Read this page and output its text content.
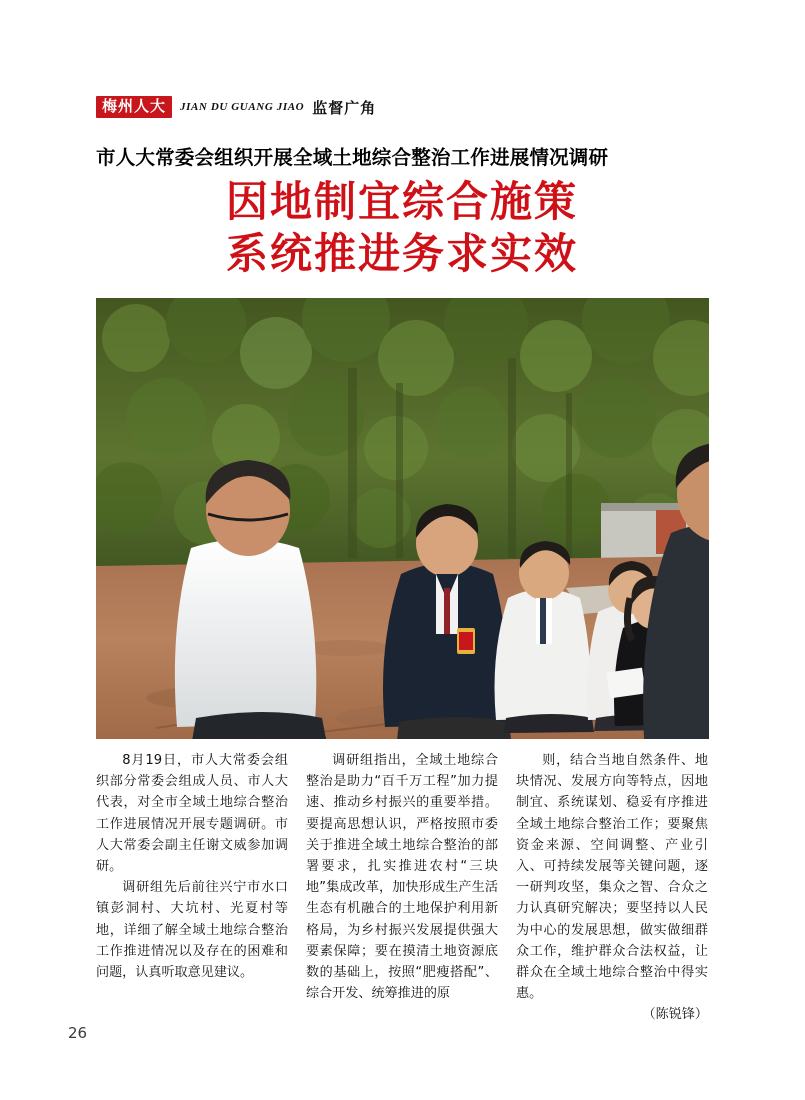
梅州人大	JIAN DU GUANG JIAO 监督广角
市人大常委会组织开展全域土地综合整治工作进展情况调研
因地制宜综合施策
系统推进务求实效

8月19日，市人大常委会组织部分常委会组成人员、市人大代表，对全市全域土地综合整治工作进展情况开展专题调研。市人大常委会副主任谢文威参加调研。

调研组先后前往兴宁市水口镇彭洞村、大坑村、光夏村等地，详细了解全域土地综合整治工作推进情况以及存在的困难和问题，认真听取意见建议。

调研组指出，全域土地综合整治是助力“百千万工程”加力提速、推动乡村振兴的重要举措。要提高思想认识，严格按照市委关于推进全域土地综合整治的部署要求，扎实推进农村“三块地”集成改革，加快形成生产生活生态有机融合的土地保护利用新格局，为乡村振兴发展提供强大要素保障；要在摸清土地资源底数的基础上，按照“肥瘦搭配”、综合开发、统筹推进的原

则，结合当地自然条件、地块情况、发展方向等特点，因地制宜、系统谋划、稳妥有序推进全域土地综合整治工作；要聚焦资金来源、空间调整、产业引入、可持续发展等关键问题，逐一研判攻坚，集众之智、合众之力认真研究解决；要坚持以人民为中心的发展思想，做实做细群众工作，维护群众合法权益，让群众在全域土地综合整治中得实惠。

（陈锐锋）

26
